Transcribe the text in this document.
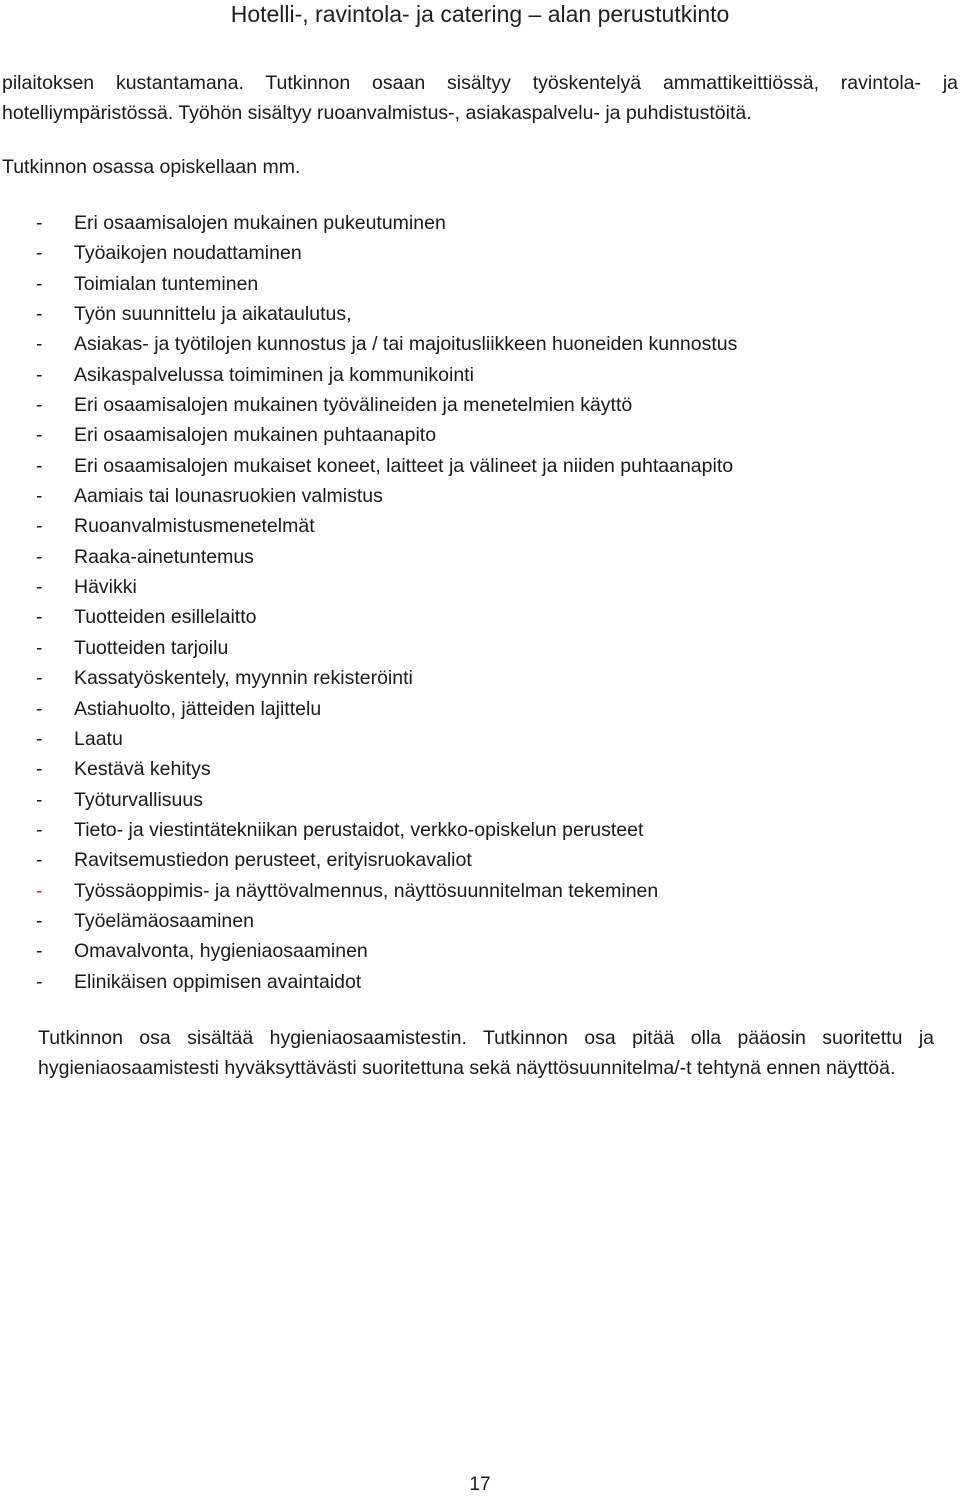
Hotelli-, ravintola- ja catering – alan perustutkinto
pilaitoksen kustantamana. Tutkinnon osaan sisältyy työskentelyä ammattikeittiössä, ravintola- ja hotelliympäristössä. Työhön sisältyy ruoanvalmistus-, asiakaspalvelu- ja puhdistustöitä.
Tutkinnon osassa opiskellaan mm.
-	Eri osaamisalojen mukainen pukeutuminen
-	Työaikojen noudattaminen
-	Toimialan tunteminen
-	Työn suunnittelu ja aikataulutus,
-	Asiakas- ja työtilojen kunnostus ja / tai majoitusliikkeen huoneiden kunnostus
-	Asikaspalvelussa toimiminen ja kommunikointi
-	Eri osaamisalojen mukainen työvälineiden ja menetelmien käyttö
-	Eri osaamisalojen mukainen puhtaanapito
-	Eri osaamisalojen mukaiset koneet, laitteet ja välineet ja niiden puhtaanapito
-	Aamiais tai lounasruokien valmistus
-	Ruoanvalmistusmenetelmät
-	Raaka-ainetuntemus
-	Hävikki
-	Tuotteiden esillelaitto
-	Tuotteiden tarjoilu
-	Kassatyöskentely, myynnin rekisteröinti
-	Astiahuolto, jätteiden lajittelu
-	Laatu
-	Kestävä kehitys
-	Työturvallisuus
-	Tieto- ja viestintätekniikan perustaidot, verkko-opiskelun perusteet
-	Ravitsemustiedon perusteet, erityisruokavaliot
-	Työssäoppimis- ja näyttövalmennus, näyttösuunnitelman tekeminen
-	Työelämäosaaminen
-	Omavalvonta, hygieniaosaaminen
-	Elinikäisen oppimisen avaintaidot
Tutkinnon osa sisältää hygieniaosaamistestin. Tutkinnon osa pitää olla pääosin suoritettu ja hygieniaosaamistesti hyväksyttävästi suoritettuna sekä näyttösuunnitelma/-t tehtynä ennen näyttöä.
17
